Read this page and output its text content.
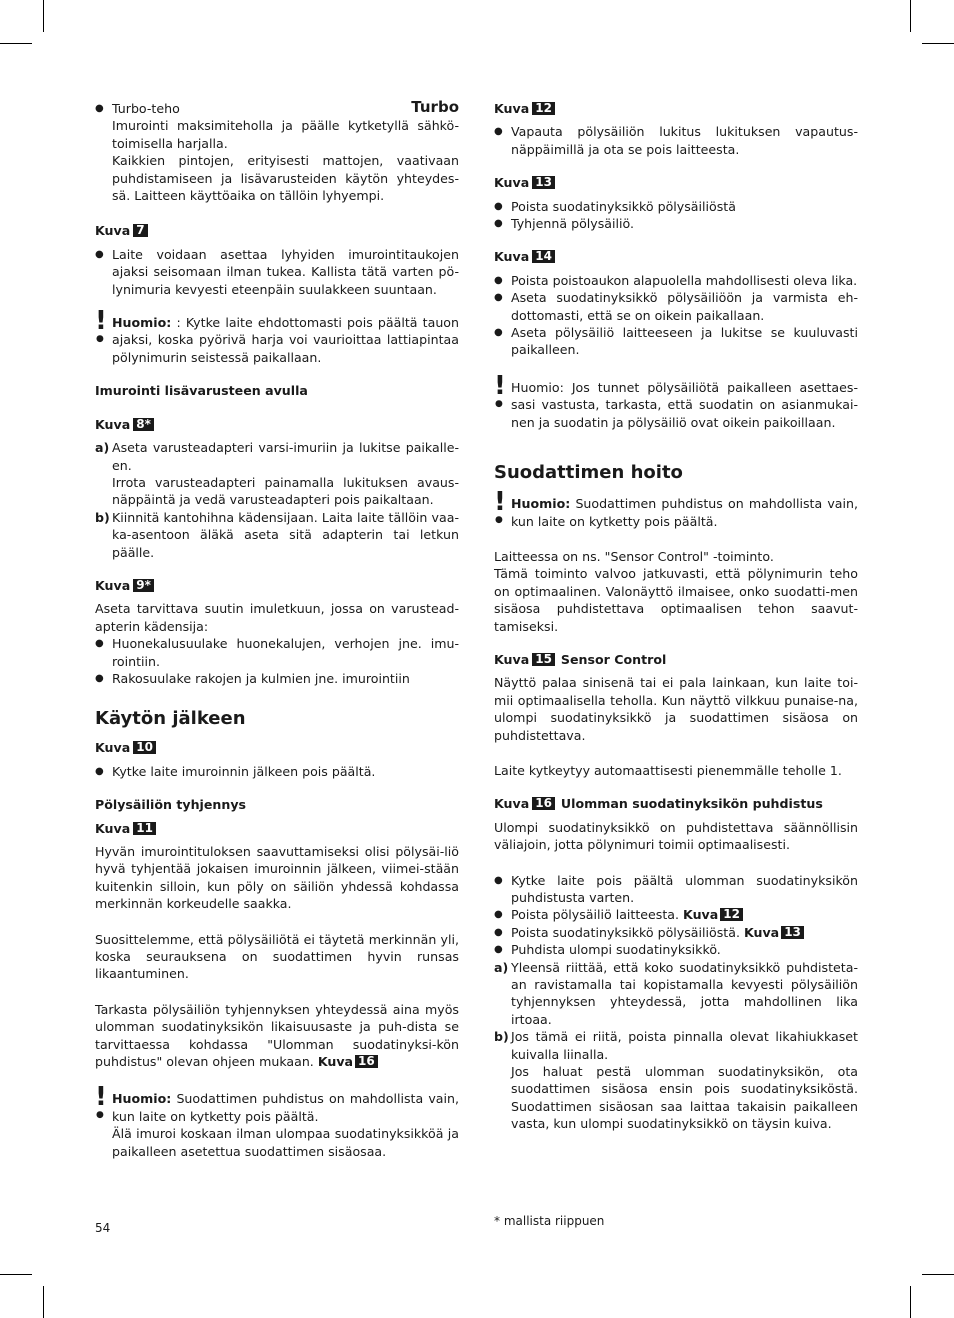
Turbo
● Turbo-teho

Imurointi maksimiteholla ja päälle kytketyllä sähkö-toimisella harjalla.

Kaikkien pintojen, erityisesti mattojen, vaativaan puhdistamiseen ja lisävarusteiden käytön yhteydes-sä. Laitteen käyttöaika on tällöin lyhyempi.

Kuva 7
● Laite voidaan asettaa lyhyiden imurointitaukojen ajaksi seisomaan ilman tukea. Kallista tätä varten pö-lynimuria kevyesti eteenpäin suulakkeen suuntaan.
!
●
Huomio: : Kytke laite ehdottomasti pois päältä tauon ajaksi, koska pyörivä harja voi vaurioittaa lattiapintaa pölynimurin seistessä paikallaan.
Imurointi lisävarusteen avulla
Kuva 8*
a) Aseta varusteadapteri varsi-imuriin ja lukitse paikalle-en.

Irrota varusteadapteri painamalla lukituksen avaus-näppäintä ja vedä varusteadapteri pois paikaltaan.

b) Kiinnitä kantohihna kädensijaan. Laita laite tällöin vaa-ka-asentoon äläkä aseta sitä adapterin tai letkun päälle.

Kuva 9*

Aseta tarvittava suutin imuletkuun, jossa on varustead-apterin kädensija:

● Huonekalusuulake huonekalujen, verhojen jne. imu-rointiin.
● Rakosuulake rakojen ja kulmien jne. imurointiin
Käytön jälkeen
Kuva 10
● Kytke laite imuroinnin jälkeen pois päältä.
Pölysäiliön tyhjennys
Kuva 11

Hyvän imurointituloksen saavuttamiseksi olisi pölysäi-liö hyvä tyhjentää jokaisen imuroinnin jälkeen, viimei-stään kuitenkin silloin, kun pöly on säiliön yhdessä kohdassa merkinnän korkeudelle saakka.

Suosittelemme, että pölysäiliötä ei täytetä merkinnän yli, koska seurauksena on suodattimen hyvin runsas likaantuminen.

Tarkasta pölysäiliön tyhjennyksen yhteydessä aina myös ulomman suodatinyksikön likaisuusaste ja puh-dista se tarvittaessa kohdassa "Ulomman suodatinyksi-kön puhdistus" olevan ohjeen mukaan. Kuva 16

!
●

Huomio: Suodattimen puhdistus on mahdollista vain, kun laite on kytketty pois päältä.

Älä imuroi koskaan ilman ulompaa suodatinyksikköä ja paikalleen asetettua suodattimen sisäosaa.

Kuva 12
● Vapauta pölysäiliön lukitus lukituksen vapautus-näppäimillä ja ota se pois laitteesta.
Kuva 13
● Poista suodatinyksikkö pölysäiliöstä
● Tyhjennä pölysäiliö.
Kuva 14
● Poista poistoaukon alapuolella mahdollisesti oleva lika.
● Aseta suodatinyksikkö pölysäiliöön ja varmista eh-dottomasti, että se on oikein paikallaan.
● Aseta pölysäiliö laitteeseen ja lukitse se kuuluvasti paikalleen.
!
●

Huomio: Jos tunnet pölysäiliötä paikalleen asettaes-sasi vastusta, tarkasta, että suodatin on asianmukai-nen ja suodatin ja pölysäiliö ovat oikein paikoillaan.

Suodattimen hoito
!
●
Huomio: Suodattimen puhdistus on mahdollista vain, kun laite on kytketty pois päältä.

Laitteessa on ns. "Sensor Control" -toiminto.

Tämä toiminto valvoo jatkuvasti, että pölynimurin teho on optimaalinen. Valonäyttö ilmaisee, onko suodatti-men sisäosa puhdistettava optimaalisen tehon saavut-tamiseksi.

Kuva 15 Sensor Control

Näyttö palaa sinisenä tai ei pala lainkaan, kun laite toi-mii optimaalisella teholla. Kun näyttö vilkkuu punaise-na, ulompi suodatinyksikkö ja suodattimen sisäosa on puhdistettava.

Laite kytkeytyy automaattisesti pienemmälle teholle 1.

Kuva 16 Ulomman suodatinyksikön puhdistus

Ulompi suodatinyksikkö on puhdistettava säännöllisin väliajoin, jotta pölynimuri toimii optimaalisesti.

● Kytke laite pois päältä ulomman suodatinyksikön puhdistusta varten.
● Poista pölysäiliö laitteesta. Kuva 12
● Poista suodatinyksikkö pölysäiliöstä. Kuva 13
● Puhdista ulompi suodatinyksikkö.
a) Yleensä riittää, että koko suodatinyksikkö puhdisteta-an ravistamalla tai kopistamalla kevyesti pölysäiliön tyhjennyksen yhteydessä, jotta mahdollinen lika irtoaa.

b) Jos tämä ei riitä, poista pinnalla olevat likahiukkaset kuivalla liinalla.

Jos haluat pestä ulomman suodatinyksikön, ota suodattimen sisäosa ensin pois suodatinyksiköstä. Suodattimen sisäosan saa laittaa takaisin paikalleen vasta, kun ulompi suodatinyksikkö on täysin kuiva.

54	* mallista riippuen
